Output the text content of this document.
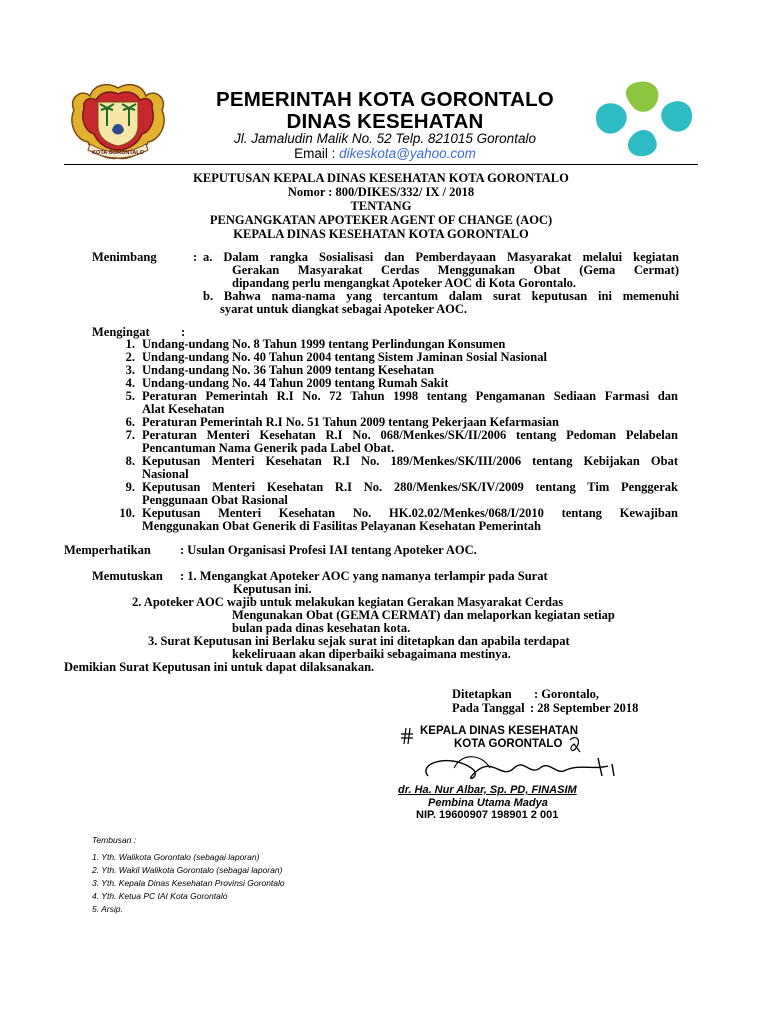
KOTA GORONTALO
PEMERINTAH KOTA GORONTALO
DINAS KESEHATAN
Jl. Jamaludin Malik No. 52 Telp. 821015 Gorontalo
Email : dikeskota@yahoo.com
KEPUTUSAN KEPALA DINAS KESEHATAN KOTA GORONTALO
Nomor : 800/DIKES/332/ IX / 2018
TENTANG
PENGANGKATAN APOTEKER AGENT OF CHANGE (AOC)
KEPALA DINAS KESEHATAN KOTA GORONTALO
Menimbang	: a. Dalam rangka Sosialisasi dan Pemberdayaan Masyarakat melalui kegiatan
Gerakan Masyarakat Cerdas Menggunakan Obat (Gema Cermat)
dipandang perlu mengangkat Apoteker AOC di Kota Gorontalo.
b. Bahwa nama-nama yang tercantum dalam surat keputusan ini memenuhi
syarat untuk diangkat sebagai Apoteker AOC.
Mengingat	:
1. Undang-undang No. 8 Tahun 1999 tentang Perlindungan Konsumen
2. Undang-undang No. 40 Tahun 2004 tentang Sistem Jaminan Sosial Nasional
3. Undang-undang No. 36 Tahun 2009 tentang Kesehatan
4. Undang-undang No. 44 Tahun 2009 tentang Rumah Sakit
5. Peraturan Pemerintah R.I No. 72 Tahun 1998 tentang Pengamanan Sediaan Farmasi dan
Alat Kesehatan
6. Peraturan Pemerintah R.I No. 51 Tahun 2009 tentang Pekerjaan Kefarmasian
7. Peraturan Menteri Kesehatan R.I No. 068/Menkes/SK/II/2006 tentang Pedoman Pelabelan
Pencantuman Nama Generik pada Label Obat.
8. Keputusan Menteri Kesehatan R.I No. 189/Menkes/SK/III/2006 tentang Kebijakan Obat
Nasional
9. Keputusan Menteri Kesehatan R.I No. 280/Menkes/SK/IV/2009 tentang Tim Penggerak
Penggunaan Obat Rasional
10. Keputusan Menteri Kesehatan No. HK.02.02/Menkes/068/I/2010 tentang Kewajiban
Menggunakan Obat Generik di Fasilitas Pelayanan Kesehatan Pemerintah
Memperhatikan : Usulan Organisasi Profesi IAI tentang Apoteker AOC.
Memutuskan : 1. Mengangkat Apoteker AOC yang namanya terlampir pada Surat
Keputusan ini.
2. Apoteker AOC wajib untuk melakukan kegiatan Gerakan Masyarakat Cerdas
Mengunakan Obat (GEMA CERMAT) dan melaporkan kegiatan setiap
bulan pada dinas kesehatan kota.
3. Surat Keputusan ini Berlaku sejak surat ini ditetapkan dan apabila terdapat
kekeliruaan akan diperbaiki sebagaimana mestinya.
Demikian Surat Keputusan ini untuk dapat dilaksanakan.
Ditetapkan : Gorontalo,
Pada Tanggal : 28 September 2018
KEPALA DINAS KESEHATAN
KOTA GORONTALO
dr. Ha. Nur Albar, Sp. PD, FINASIM
Pembina Utama Madya
NIP. 19600907 198901 2 001
Tembusan :
1. Yth. Walikota Gorontalo (sebagai laporan)
2. Yth. Wakil Walikota Gorontalo (sebagai laporan)
3. Yth. Kepala Dinas Kesehatan Provinsi Gorontalo
4. Yth. Ketua PC IAI Kota Gorontalo
5. Arsip.
